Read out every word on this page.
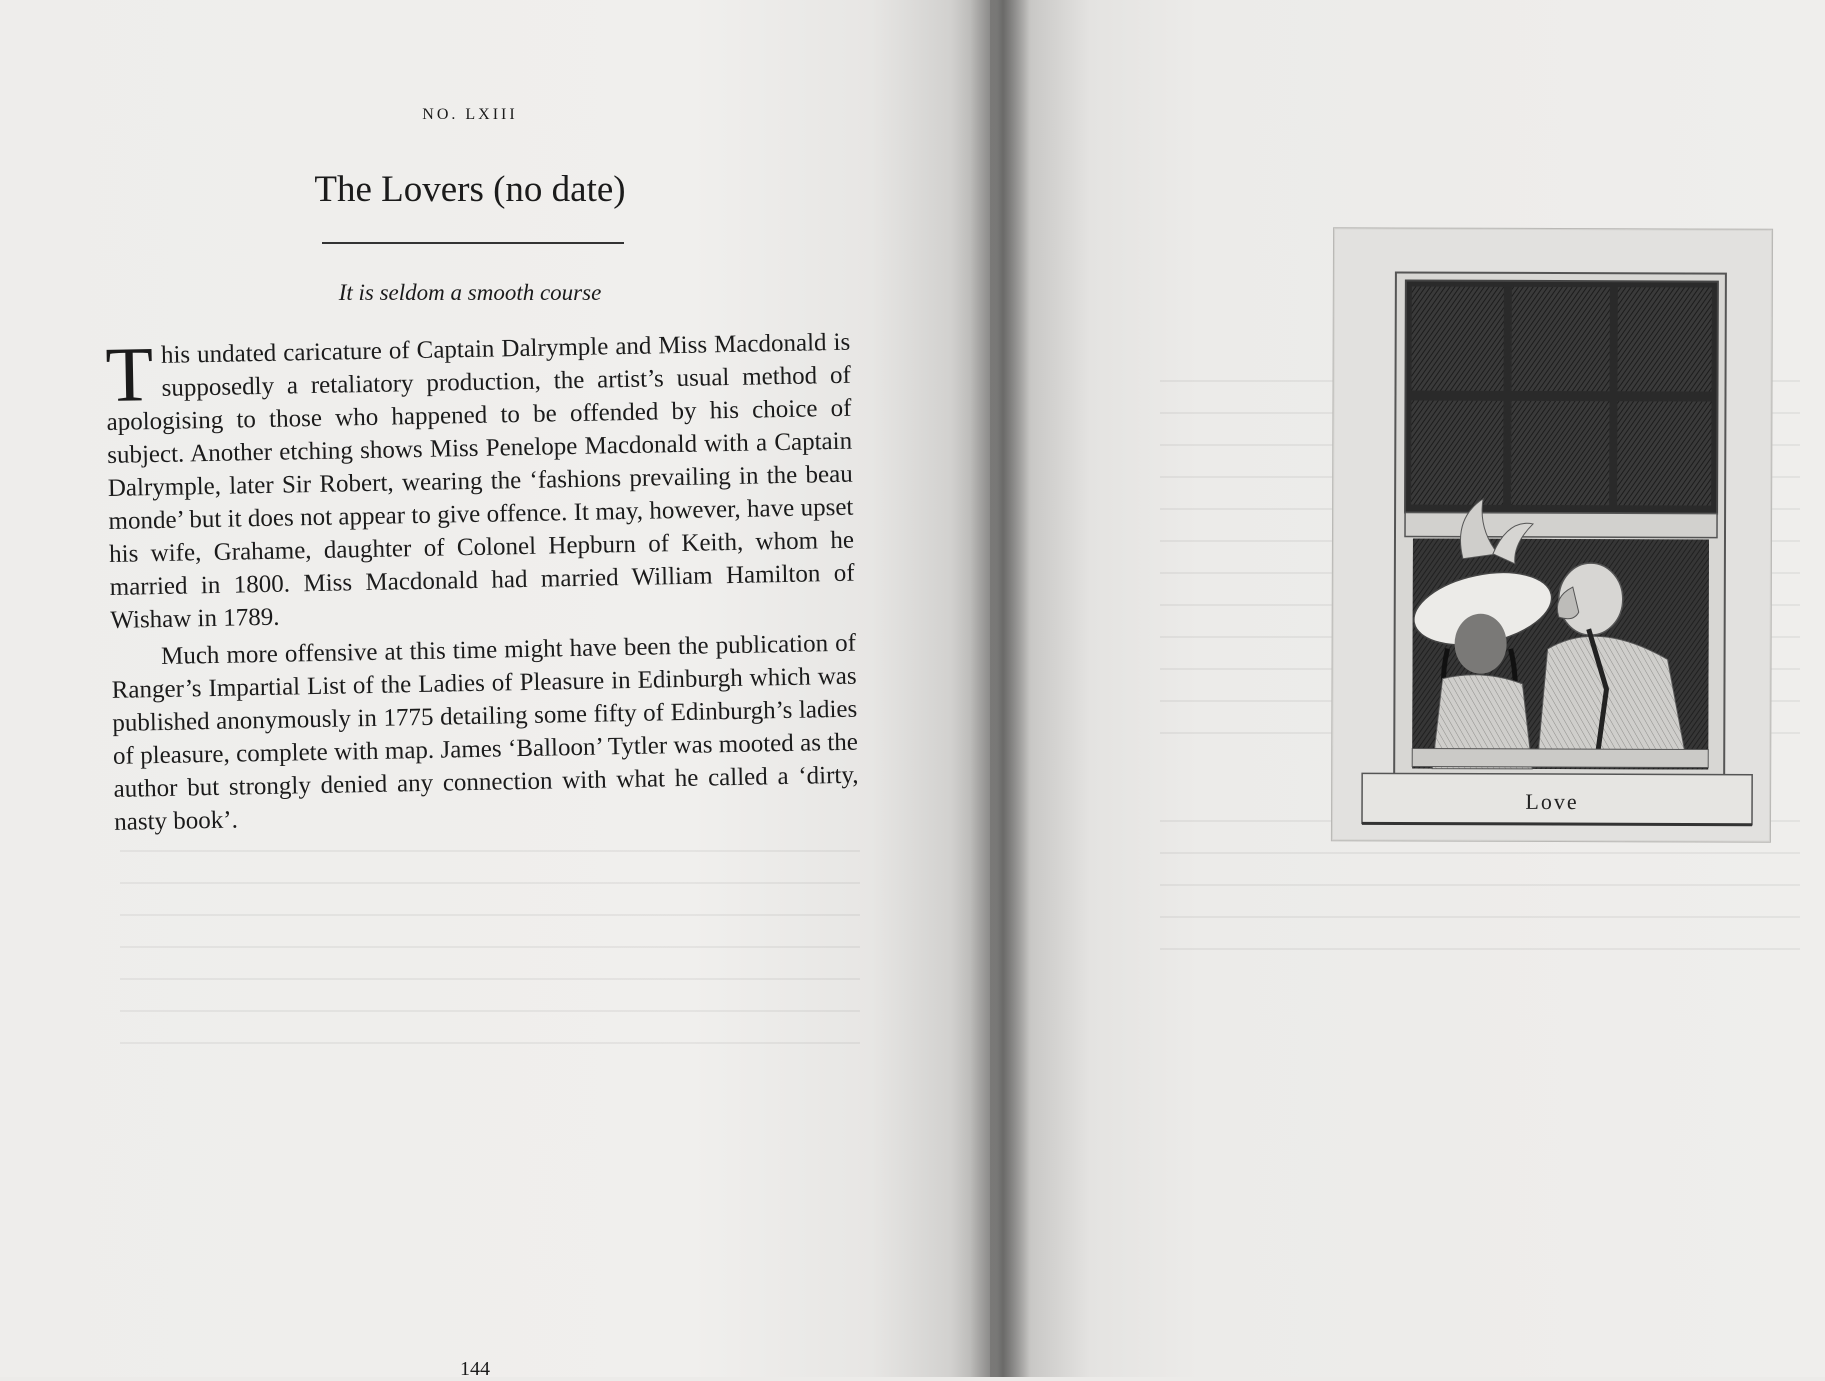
NO. LXIII
The Lovers (no date)
It is seldom a smooth course

This undated caricature of Captain Dalrymple and Miss Macdonald is supposedly a retaliatory production, the artist’s usual method of apologising to those who happened to be offended by his choice of subject. Another etching shows Miss Penelope Macdonald with a Captain Dalrymple, later Sir Robert, wearing the ‘fashions prevailing in the beau monde’ but it does not appear to give offence. It may, however, have upset his wife, Grahame, daughter of Colonel Hepburn of Keith, whom he married in 1800. Miss Macdonald had married William Hamilton of Wishaw in 1789.

Much more offensive at this time might have been the publication of Ranger’s Impartial List of the Ladies of Pleasure in Edinburgh which was published anonymously in 1775 detailing some fifty of Edinburgh’s ladies of pleasure, complete with map. James ‘Balloon’ Tytler was mooted as the author but strongly denied any connection with what he called a ‘dirty, nasty book’.

144
Love
